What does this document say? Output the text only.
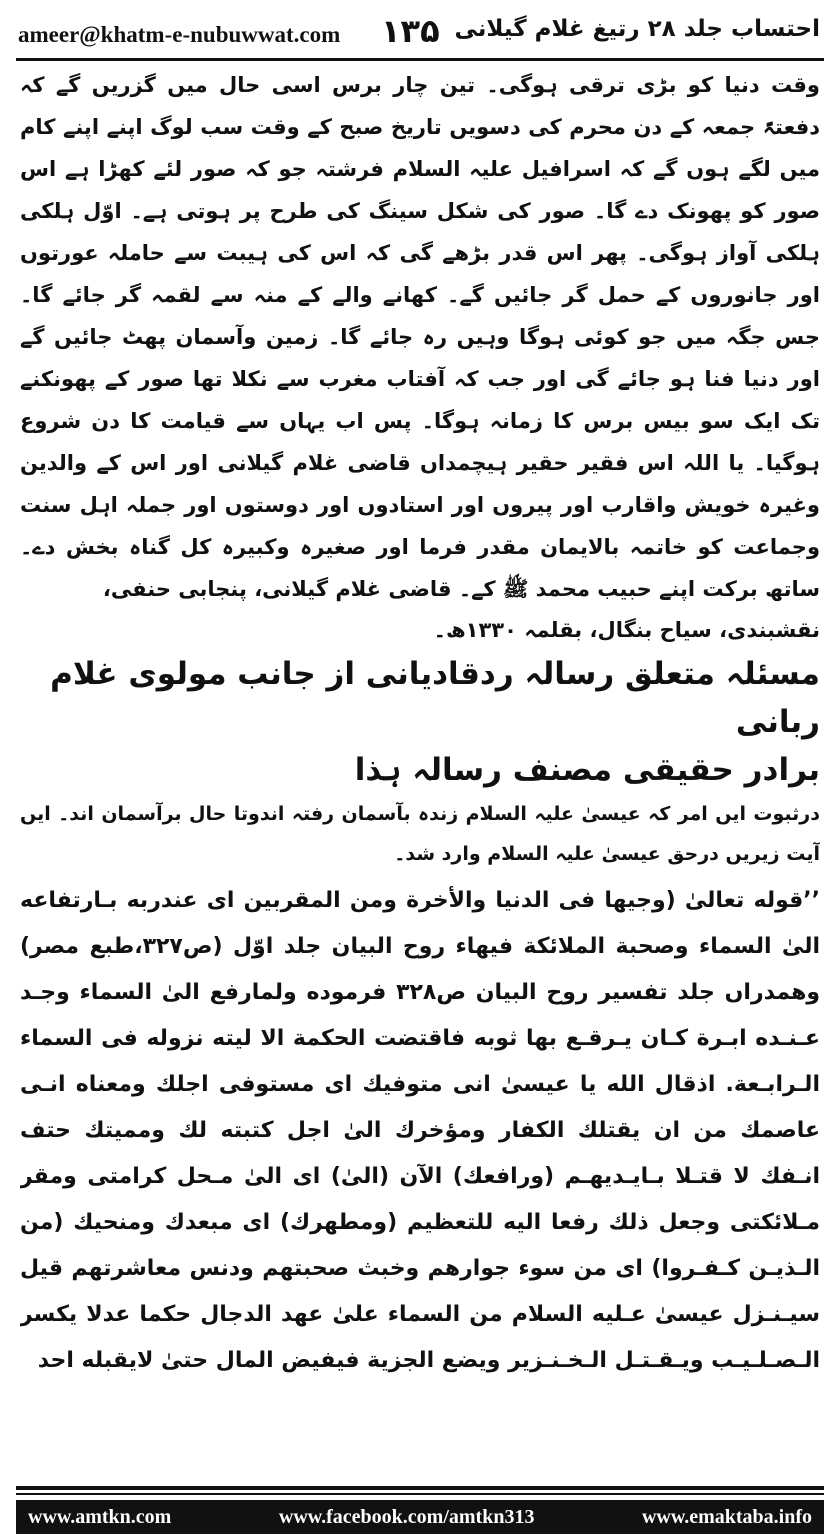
ameer@khatm-e-nubuwwat.com ۱۳۵ احتساب جلد ۲۸ رتیغ غلام گیلانی

وقت دنیا کو بڑی ترقی ہوگی۔ تین چار برس اسی حال میں گزریں گے کہ دفعتہً جمعہ کے دن محرم کی دسویں تاریخ صبح کے وقت سب لوگ اپنے اپنے کام میں لگے ہوں گے کہ اسرافیل علیہ السلام فرشتہ جو کہ صور لئے کھڑا ہے اس صور کو پھونک دے گا۔ صور کی شکل سینگ کی طرح پر ہوتی ہے۔ اوّل ہلکی ہلکی آواز ہوگی۔ پھر اس قدر بڑھے گی کہ اس کی ہیبت سے حاملہ عورتوں اور جانوروں کے حمل گر جائیں گے۔ کھانے والے کے منہ سے لقمہ گر جائے گا۔ جس جگہ میں جو کوئی ہوگا وہیں رہ جائے گا۔ زمین وآسمان پھٹ جائیں گے اور دنیا فنا ہو جائے گی اور جب کہ آفتاب مغرب سے نکلا تھا صور کے پھونکنے تک ایک سو بیس برس کا زمانہ ہوگا۔ پس اب یہاں سے قیامت کا دن شروع ہوگیا۔ یا اللہ اس فقیر حقیر ہیچمداں قاضی غلام گیلانی اور اس کے والدین وغیرہ خویش واقارب اور پیروں اور استادوں اور دوستوں اور جملہ اہل سنت وجماعت کو خاتمہ بالایمان مقدر فرما اور صغیرہ وکبیرہ کل گناہ بخش دے۔ ساتھ برکت اپنے حبیب محمد ﷺ کے۔ قاضی غلام گیلانی، پنجابی حنفی،

نقشبندی، سیاح بنگال، بقلمہ ۱۳۳۰ھ۔

مسئلہ متعلق رسالہ ردقادیانی از جانب مولوی غلام ربانی
برادر حقیقی مصنف رسالہ ہذا

درثبوت ایں امر کہ عیسیٰ علیہ السلام زندہ بآسمان رفتہ اندوتا حال برآسمان اند۔ ایں آیت زیریں درحق عیسیٰ علیہ السلام وارد شد۔

’’قوله تعالىٰ (وجيها فى الدنيا والأخرة ومن المقربين اى عندربه بـارتفاعه الىٰ السماء وصحبة الملائكة فيهاء روح البيان جلد اوّل (ص۳۲۷،طبع مصر) وهمدراں جلد تفسير روح البيان ص۳۲۸ فرموده ولمارفع الىٰ السماء وجـد عـنـده ابـرة كـان يـرقـع بها ثوبه فاقتضت الحكمة الا ليته نزوله فى السماء الـرابـعة. اذقال الله يا عيسىٰ انى متوفيك اى مستوفى اجلك ومعناه انـى عاصمك من ان يقتلك الكفار ومؤخرك الىٰ اجل كتبته لك ومميتك حتف انـفك لا قتـلا بـايـديهـم (ورافعك) الآن (الىٰ) اى الىٰ مـحل كرامتى ومقر مـلائكتى وجعل ذلك رفعا اليه للتعظيم (ومطهرك) اى مبعدك ومنحيك (من الـذيـن كـفـروا) اى من سوء جوارهم وخبث صحبتهم ودنس معاشرتهم قيل سيـنـزل عيسىٰ عـليه السلام من السماء علىٰ عهد الدجال حكما عدلا يكسر الـصـلـيـب ويـقـتـل الـخـنـزير ويضع الجزية فيفيض المال حتىٰ لايقبله احد

www.amtkn.com	www.facebook.com/amtkn313	www.emaktaba.info
